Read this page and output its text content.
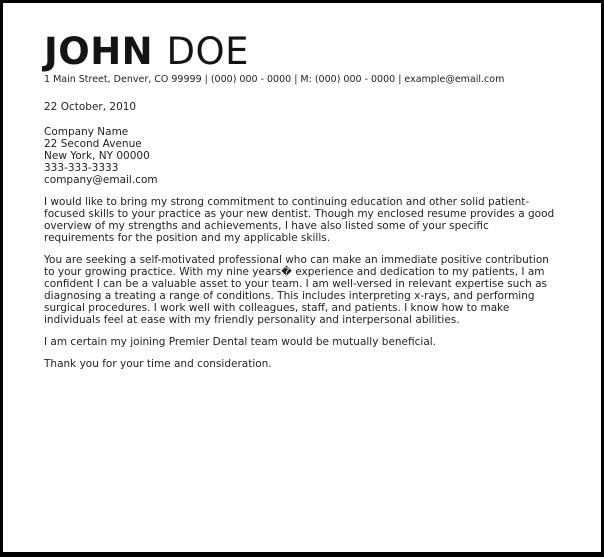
JOHN DOE
1 Main Street, Denver, CO 99999 | (000) 000 - 0000 | M: (000) 000 - 0000 | example@email.com
22 October, 2010
Company Name
22 Second Avenue
New York, NY 00000
333-333-3333
company@email.com
I would like to bring my strong commitment to continuing education and other solid patient-
focused skills to your practice as your new dentist. Though my enclosed resume provides a good
overview of my strengths and achievements, I have also listed some of your specific
requirements for the position and my applicable skills.
You are seeking a self-motivated professional who can make an immediate positive contribution
to your growing practice. With my nine years� experience and dedication to my patients, I am
confident I can be a valuable asset to your team. I am well-versed in relevant expertise such as
diagnosing a treating a range of conditions. This includes interpreting x-rays, and performing
surgical procedures. I work well with colleagues, staff, and patients. I know how to make
individuals feel at ease with my friendly personality and interpersonal abilities.
I am certain my joining Premier Dental team would be mutually beneficial.
Thank you for your time and consideration.
